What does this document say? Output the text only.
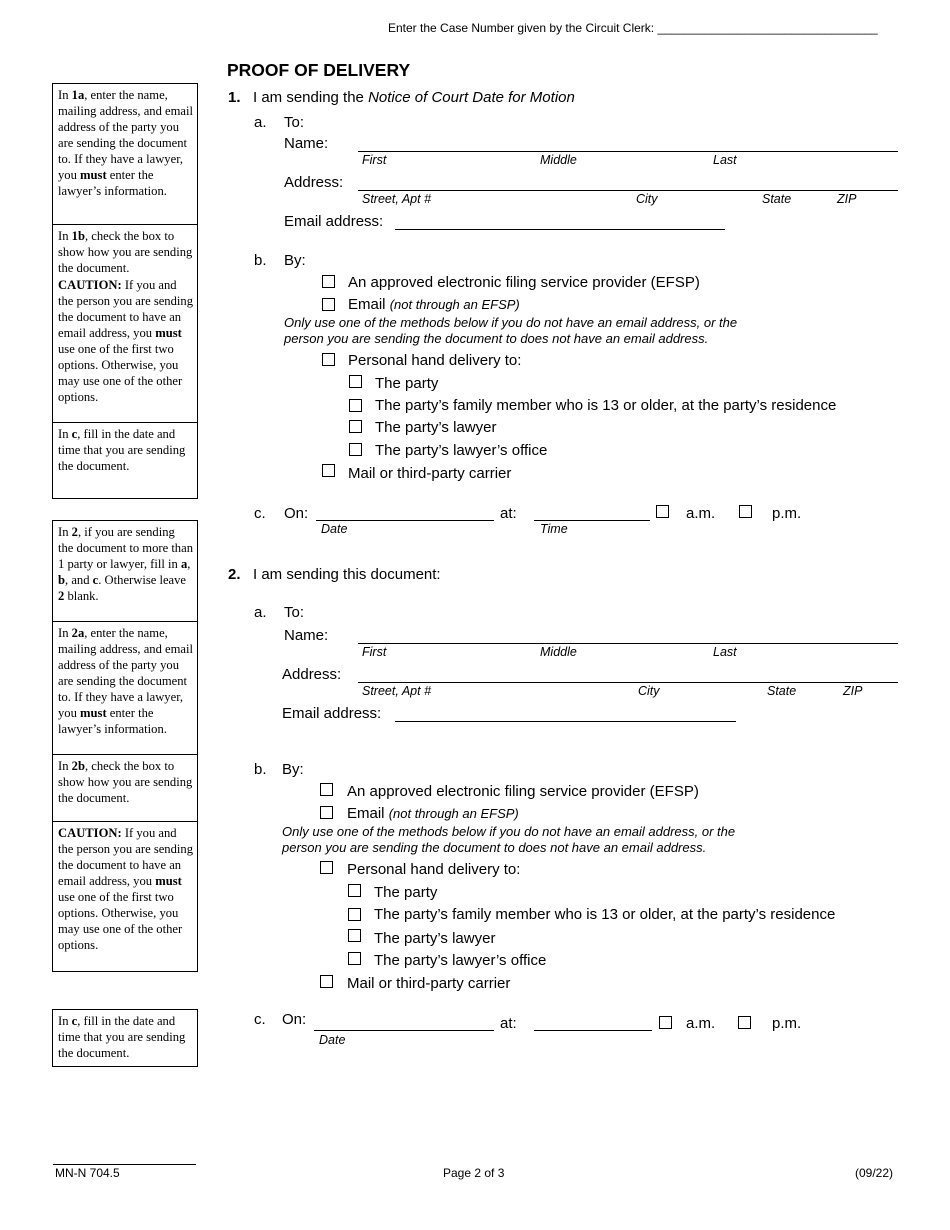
Enter the Case Number given by the Circuit Clerk: _________________________________
PROOF OF DELIVERY

In 1a, enter the name, mailing address, and email address of the party you are sending the document to. If they have a lawyer, you must enter the lawyer’s information.

In 1b, check the box to show how you are sending the document.

CAUTION: If you and the person you are sending the document to have an email address, you must use one of the first two options. Otherwise, you may use one of the other options.

In c, fill in the date and time that you are sending the document.

In 2, if you are sending the document to more than 1 party or lawyer, fill in a, b, and c. Otherwise leave 2 blank.

In 2a, enter the name, mailing address, and email address of the party you are sending the document to. If they have a lawyer, you must enter the lawyer’s information.

In 2b, check the box to show how you are sending the document.

CAUTION: If you and the person you are sending the document to have an email address, you must use one of the first two options. Otherwise, you may use one of the other options.

In c, fill in the date and time that you are sending the document.

1. I am sending the Notice of Court Date for Motion
a. To:
Name:
First	Middle	Last
Address:
Street, Apt #	City	State	ZIP
Email address:
b. By:
An approved electronic filing service provider (EFSP)
Email (not through an EFSP)
Only use one of the methods below if you do not have an email address, or the
person you are sending the document to does not have an email address.
Personal hand delivery to:
The party
The party’s family member who is 13 or older, at the party’s residence
The party’s lawyer
The party’s lawyer’s office
Mail or third-party carrier
c. On:
Date
at:
Time
a.m.	p.m.
2. I am sending this document:
a. To:
Name:
First	Middle	Last
Address:
Street, Apt #	City	State	ZIP
Email address:
b. By:
An approved electronic filing service provider (EFSP)
Email (not through an EFSP)
Only use one of the methods below if you do not have an email address, or the
person you are sending the document to does not have an email address.
Personal hand delivery to:
The party
The party’s family member who is 13 or older, at the party’s residence
The party’s lawyer
The party’s lawyer’s office
Mail or third-party carrier
c. On:
Date
at:	a.m.	p.m.
MN-N 704.5	Page 2 of 3	(09/22)
